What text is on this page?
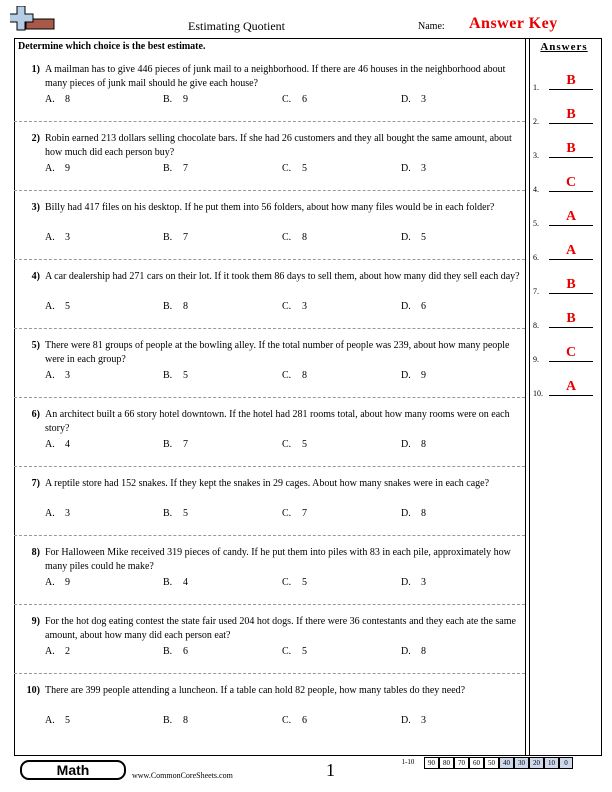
Estimating Quotient	Name: Answer Key
Answers
Determine which choice is the best estimate.
1) A mailman has to give 446 pieces of junk mail to a neighborhood. If there are 46 houses in the neighborhood about many pieces of junk mail should he give each house?
A. 8	B. 9	C. 6	D. 3
2) Robin earned 213 dollars selling chocolate bars. If she had 26 customers and they all bought the same amount, about how much did each person buy?
A. 9	B. 7	C. 5	D. 3
3) Billy had 417 files on his desktop. If he put them into 56 folders, about how many files would be in each folder?
A. 3	B. 7	C. 8	D. 5
4) A car dealership had 271 cars on their lot. If it took them 86 days to sell them, about how many did they sell each day?
A. 5	B. 8	C. 3	D. 6
5) There were 81 groups of people at the bowling alley. If the total number of people was 239, about how many people were in each group?
A. 3	B. 5	C. 8	D. 9
6) An architect built a 66 story hotel downtown. If the hotel had 281 rooms total, about how many rooms were on each story?
A. 4	B. 7	C. 5	D. 8
7) A reptile store had 152 snakes. If they kept the snakes in 29 cages. About how many snakes were in each cage?
A. 3	B. 5	C. 7	D. 8
8) For Halloween Mike received 319 pieces of candy. If he put them into piles with 83 in each pile, approximately how many piles could he make?
A. 9	B. 4	C. 5	D. 3
9) For the hot dog eating contest the state fair used 204 hot dogs. If there were 36 contestants and they each ate the same amount, about how many did each person eat?
A. 2	B. 6	C. 5	D. 8
10) There are 399 people attending a luncheon. If a table can hold 82 people, how many tables do they need?
A. 5	B. 8	C. 6	D. 3
1.	B
2.	B
3.	B
4.	C
5.	A
6.	A
7.	B
8.	B
9.	C
10.	A
Math	www.CommonCoreSheets.com	1	1-10	90	80	70	60	50	40	30	20	10	0
